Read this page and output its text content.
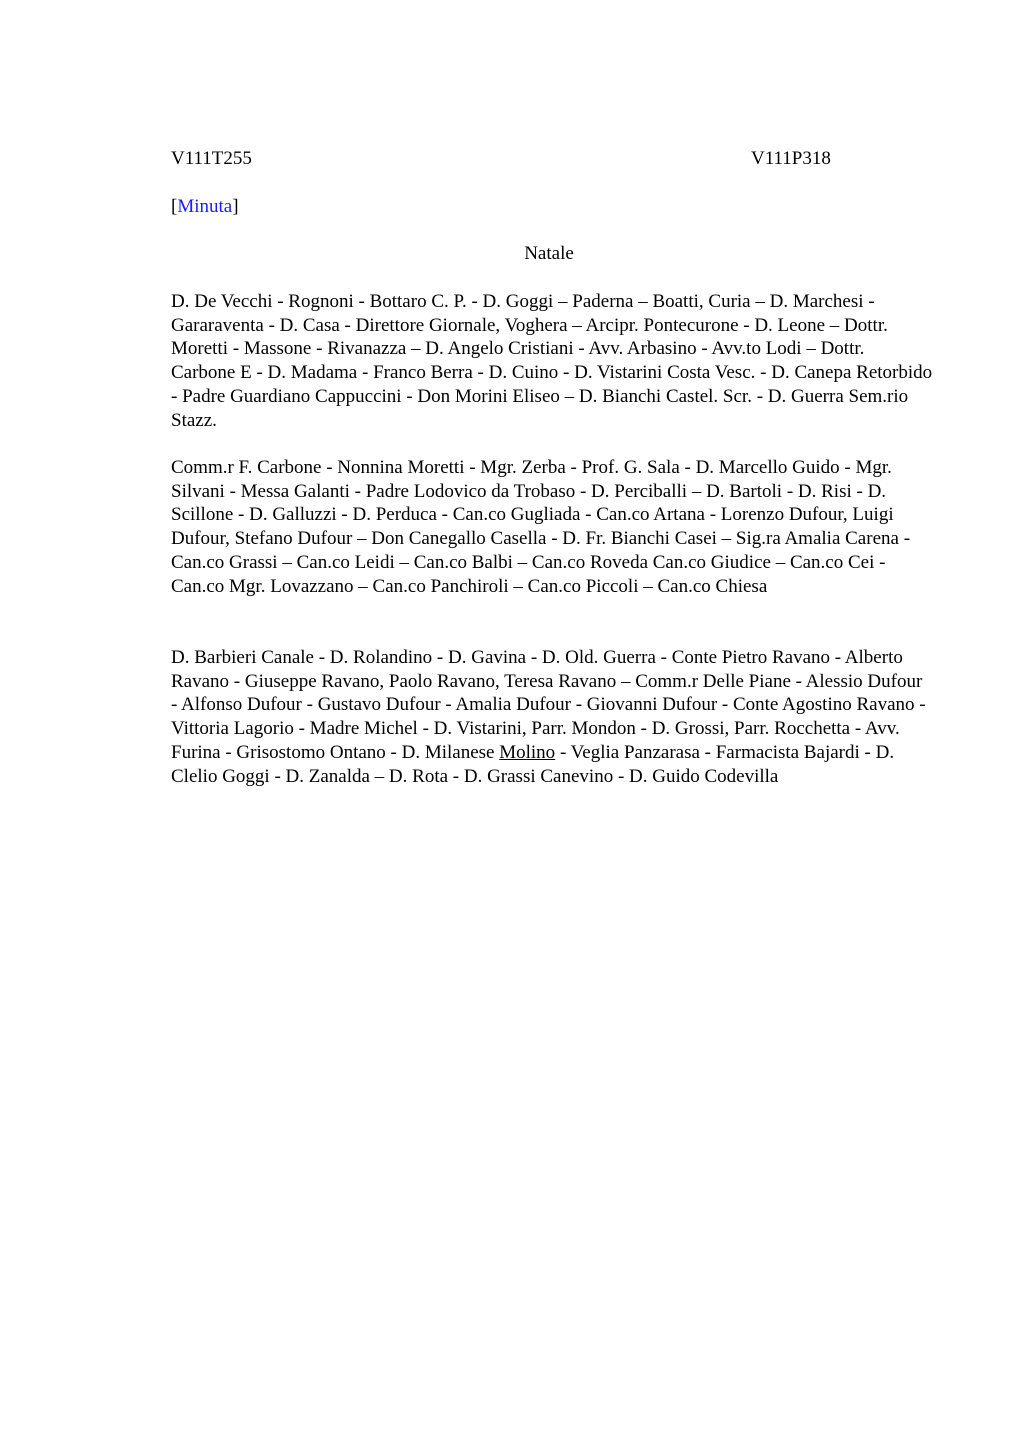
V111T255	V111P318
[Minuta]
Natale

D. De Vecchi - Rognoni - Bottaro C. P. - D. Goggi – Paderna – Boatti, Curia – D. Marchesi - Gararaventa - D. Casa - Direttore Giornale, Voghera – Arcipr. Pontecurone - D. Leone – Dottr. Moretti - Massone - Rivanazza – D. Angelo Cristiani - Avv. Arbasino - Avv.to Lodi – Dottr. Carbone E - D. Madama - Franco Berra - D. Cuino - D. Vistarini Costa Vesc. - D. Canepa Retorbido - Padre Guardiano Cappuccini - Don Morini Eliseo – D. Bianchi Castel. Scr. - D. Guerra Sem.rio Stazz.

Comm.r F. Carbone - Nonnina Moretti - Mgr. Zerba - Prof. G. Sala - D. Marcello Guido - Mgr. Silvani - Messa Galanti - Padre Lodovico da Trobaso - D. Perciballi – D. Bartoli - D. Risi - D. Scillone - D. Galluzzi - D. Perduca - Can.co Gugliada - Can.co Artana - Lorenzo Dufour, Luigi Dufour, Stefano Dufour – Don Canegallo Casella - D. Fr. Bianchi Casei – Sig.ra Amalia Carena - Can.co Grassi – Can.co Leidi – Can.co Balbi – Can.co Roveda Can.co Giudice – Can.co Cei - Can.co Mgr. Lovazzano – Can.co Panchiroli – Can.co Piccoli – Can.co Chiesa

D. Barbieri Canale - D. Rolandino - D. Gavina - D. Old. Guerra - Conte Pietro Ravano - Alberto Ravano - Giuseppe Ravano, Paolo Ravano, Teresa Ravano – Comm.r Delle Piane - Alessio Dufour - Alfonso Dufour - Gustavo Dufour - Amalia Dufour - Giovanni Dufour - Conte Agostino Ravano - Vittoria Lagorio - Madre Michel - D. Vistarini, Parr. Mondon - D. Grossi, Parr. Rocchetta - Avv. Furina - Grisostomo Ontano - D. Milanese Molino - Veglia Panzarasa - Farmacista Bajardi - D. Clelio Goggi - D. Zanalda – D. Rota - D. Grassi Canevino - D. Guido Codevilla
